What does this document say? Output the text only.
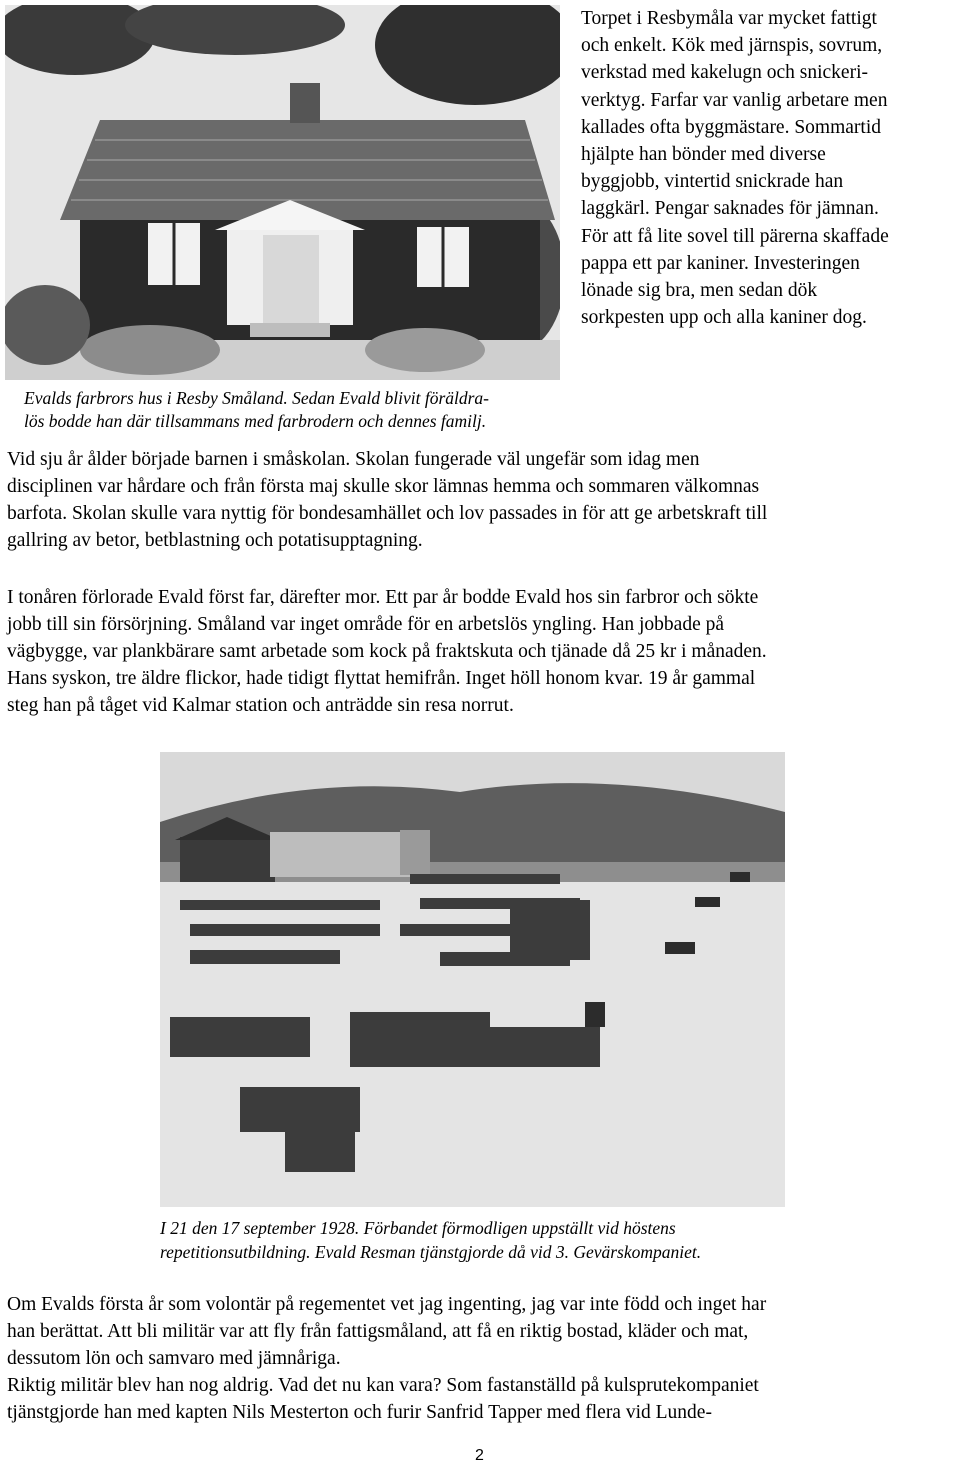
Torpet i Resbymåla var mycket fattigt
och enkelt. Kök med järnspis, sovrum,
verkstad med kakelugn och snickeri-
verktyg. Farfar var vanlig arbetare men
kallades ofta byggmästare. Sommartid
hjälpte han bönder med diverse
byggjobb, vintertid snickrade han
laggkärl. Pengar saknades för jämnan.
För att få lite sovel till pärerna skaffade
pappa ett par kaniner. Investeringen
lönade sig bra, men sedan dök
sorkpesten upp och alla kaniner dog.
Evalds farbrors hus i Resby Småland. Sedan Evald blivit föräldra-
lös bodde han där tillsammans med farbrodern och dennes familj.
Vid sju år ålder började barnen i småskolan. Skolan fungerade väl ungefär som idag men
disciplinen var hårdare och från första maj skulle skor lämnas hemma och sommaren välkomnas
barfota. Skolan skulle vara nyttig för bondesamhället och lov passades in för att ge arbetskraft till
gallring av betor, betblastning och potatisupptagning.
I tonåren förlorade Evald först far, därefter mor. Ett par år bodde Evald hos sin farbror och sökte
jobb till sin försörjning. Småland var inget område för en arbetslös yngling. Han jobbade på
vägbygge, var plankbärare samt arbetade som kock på fraktskuta och tjänade då 25 kr i månaden.
Hans syskon, tre äldre flickor, hade tidigt flyttat hemifrån. Inget höll honom kvar. 19 år gammal
steg han på tåget vid Kalmar station och anträdde sin resa norrut.
I 21 den 17 september 1928. Förbandet förmodligen uppställt vid höstens
repetitionsutbildning. Evald Resman tjänstgjorde då vid 3. Gevärskompaniet.
Om Evalds första år som volontär på regementet vet jag ingenting, jag var inte född och inget har
han berättat. Att bli militär var att fly från fattigsmåland, att få en riktig bostad, kläder och mat,
dessutom lön och samvaro med jämnåriga.
Riktig militär blev han nog aldrig. Vad det nu kan vara? Som fastanställd på kulsprutekompaniet
tjänstgjorde han med kapten Nils Mesterton och furir Sanfrid Tapper med flera vid Lunde-
2
